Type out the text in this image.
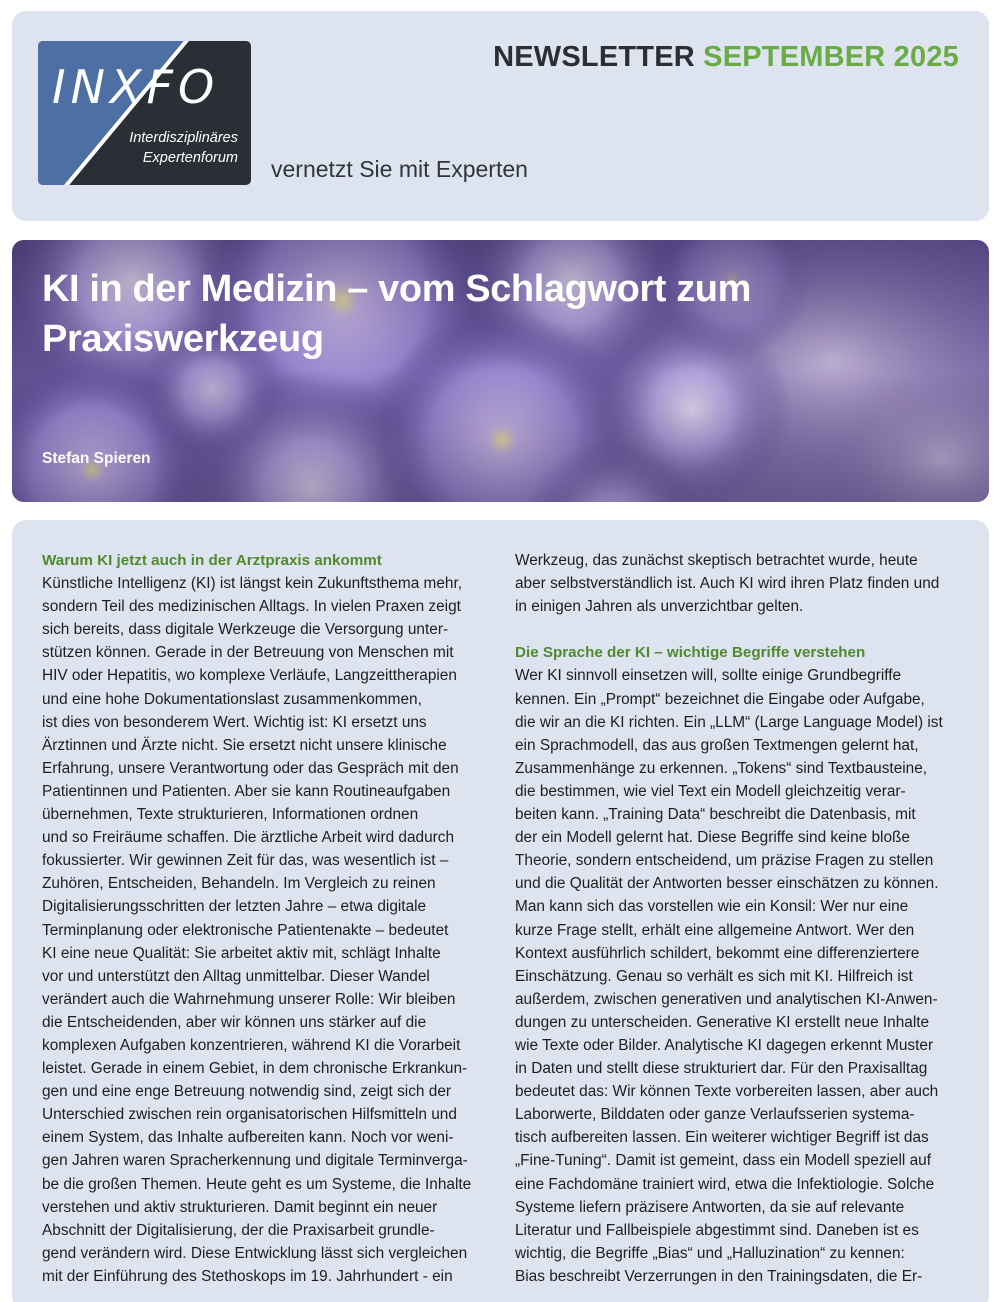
INXFO
Interdisziplinäres
Expertenforum
NEWSLETTER SEPTEMBER 2025
vernetzt Sie mit Experten
KI in der Medizin – vom Schlagwort zum
Praxiswerkzeug
Stefan Spieren
Warum KI jetzt auch in der Arztpraxis ankommt
Künstliche Intelligenz (KI) ist längst kein Zukunftsthema mehr,
sondern Teil des medizinischen Alltags. In vielen Praxen zeigt
sich bereits, dass digitale Werkzeuge die Versorgung unter-
stützen können. Gerade in der Betreuung von Menschen mit
HIV oder Hepatitis, wo komplexe Verläufe, Langzeittherapien
und eine hohe Dokumentationslast zusammenkommen,
ist dies von besonderem Wert. Wichtig ist: KI ersetzt uns
Ärztinnen und Ärzte nicht. Sie ersetzt nicht unsere klinische
Erfahrung, unsere Verantwortung oder das Gespräch mit den
Patientinnen und Patienten. Aber sie kann Routineaufgaben
übernehmen, Texte strukturieren, Informationen ordnen
und so Freiräume schaffen. Die ärztliche Arbeit wird dadurch
fokussierter. Wir gewinnen Zeit für das, was wesentlich ist –
Zuhören, Entscheiden, Behandeln. Im Vergleich zu reinen
Digitalisierungsschritten der letzten Jahre – etwa digitale
Terminplanung oder elektronische Patientenakte – bedeutet
KI eine neue Qualität: Sie arbeitet aktiv mit, schlägt Inhalte
vor und unterstützt den Alltag unmittelbar. Dieser Wandel
verändert auch die Wahrnehmung unserer Rolle: Wir bleiben
die Entscheidenden, aber wir können uns stärker auf die
komplexen Aufgaben konzentrieren, während KI die Vorarbeit
leistet. Gerade in einem Gebiet, in dem chronische Erkrankun-
gen und eine enge Betreuung notwendig sind, zeigt sich der
Unterschied zwischen rein organisatorischen Hilfsmitteln und
einem System, das Inhalte aufbereiten kann. Noch vor weni-
gen Jahren waren Spracherkennung und digitale Terminverga-
be die großen Themen. Heute geht es um Systeme, die Inhalte
verstehen und aktiv strukturieren. Damit beginnt ein neuer
Abschnitt der Digitalisierung, der die Praxisarbeit grundle-
gend verändern wird. Diese Entwicklung lässt sich vergleichen
mit der Einführung des Stethoskops im 19. Jahrhundert - ein
Werkzeug, das zunächst skeptisch betrachtet wurde, heute
aber selbstverständlich ist. Auch KI wird ihren Platz finden und
in einigen Jahren als unverzichtbar gelten.
Die Sprache der KI – wichtige Begriffe verstehen
Wer KI sinnvoll einsetzen will, sollte einige Grundbegriffe
kennen. Ein „Prompt“ bezeichnet die Eingabe oder Aufgabe,
die wir an die KI richten. Ein „LLM“ (Large Language Model) ist
ein Sprachmodell, das aus großen Textmengen gelernt hat,
Zusammenhänge zu erkennen. „Tokens“ sind Textbausteine,
die bestimmen, wie viel Text ein Modell gleichzeitig verar-
beiten kann. „Training Data“ beschreibt die Datenbasis, mit
der ein Modell gelernt hat. Diese Begriffe sind keine bloße
Theorie, sondern entscheidend, um präzise Fragen zu stellen
und die Qualität der Antworten besser einschätzen zu können.
Man kann sich das vorstellen wie ein Konsil: Wer nur eine
kurze Frage stellt, erhält eine allgemeine Antwort. Wer den
Kontext ausführlich schildert, bekommt eine differenziertere
Einschätzung. Genau so verhält es sich mit KI. Hilfreich ist
außerdem, zwischen generativen und analytischen KI-Anwen-
dungen zu unterscheiden. Generative KI erstellt neue Inhalte
wie Texte oder Bilder. Analytische KI dagegen erkennt Muster
in Daten und stellt diese strukturiert dar. Für den Praxisalltag
bedeutet das: Wir können Texte vorbereiten lassen, aber auch
Laborwerte, Bilddaten oder ganze Verlaufsserien systema-
tisch aufbereiten lassen. Ein weiterer wichtiger Begriff ist das
„Fine-Tuning“. Damit ist gemeint, dass ein Modell speziell auf
eine Fachdomäne trainiert wird, etwa die Infektiologie. Solche
Systeme liefern präzisere Antworten, da sie auf relevante
Literatur und Fallbeispiele abgestimmt sind. Daneben ist es
wichtig, die Begriffe „Bias“ und „Halluzination“ zu kennen:
Bias beschreibt Verzerrungen in den Trainingsdaten, die Er-
